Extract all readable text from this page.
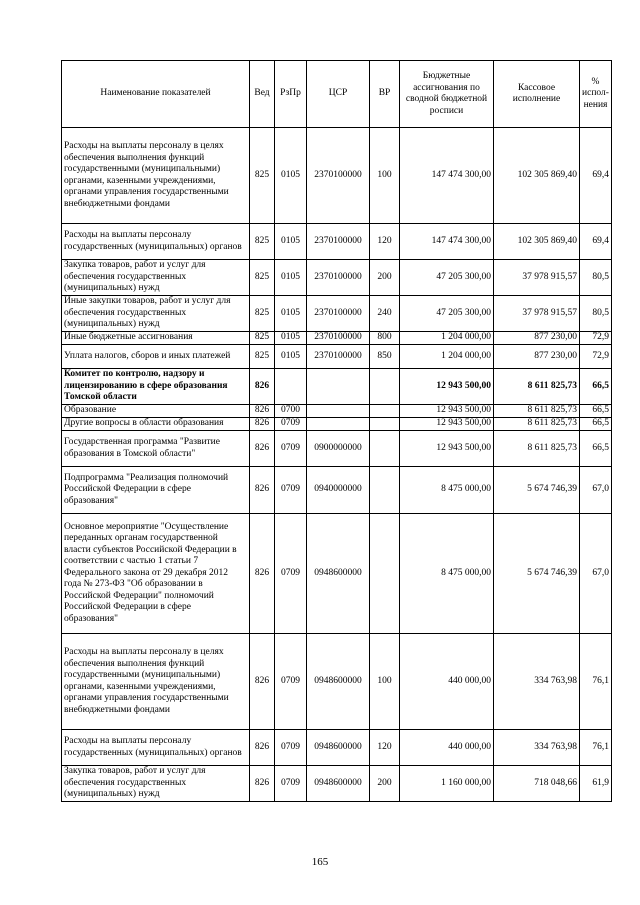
Наименование показателей	Вед	РзПр	ЦСР	ВР	Бюджетные ассигнования по сводной бюджетной росписи	Кассовое исполнение	% испол-нения
Расходы на выплаты персоналу в целях обеспечения выполнения функций государственными (муниципальными) органами, казенными учреждениями, органами управления государственными внебюджетными фондами	825	0105	2370100000	100	147 474 300,00	102 305 869,40	69,4
Расходы на выплаты персоналу государственных (муниципальных) органов	825	0105	2370100000	120	147 474 300,00	102 305 869,40	69,4
Закупка товаров, работ и услуг для обеспечения государственных (муниципальных) нужд	825	0105	2370100000	200	47 205 300,00	37 978 915,57	80,5
Иные закупки товаров, работ и услуг для обеспечения государственных (муниципальных) нужд	825	0105	2370100000	240	47 205 300,00	37 978 915,57	80,5
Иные бюджетные ассигнования	825	0105	2370100000	800	1 204 000,00	877 230,00	72,9
Уплата налогов, сборов и иных платежей	825	0105	2370100000	850	1 204 000,00	877 230,00	72,9
Комитет по контролю, надзору и лицензированию в сфере образования Томской области	826				12 943 500,00	8 611 825,73	66,5
Образование	826	0700			12 943 500,00	8 611 825,73	66,5
Другие вопросы в области образования	826	0709			12 943 500,00	8 611 825,73	66,5
Государственная программа "Развитие образования в Томской области"	826	0709	0900000000		12 943 500,00	8 611 825,73	66,5
Подпрограмма "Реализация полномочий Российской Федерации в сфере образования"	826	0709	0940000000		8 475 000,00	5 674 746,39	67,0
Основное мероприятие "Осуществление переданных органам государственной власти субъектов Российской Федерации в соответствии с частью 1 статьи 7 Федерального закона от 29 декабря 2012 года № 273-ФЗ "Об образовании в Российской Федерации" полномочий Российской Федерации в сфере образования"	826	0709	0948600000		8 475 000,00	5 674 746,39	67,0
Расходы на выплаты персоналу в целях обеспечения выполнения функций государственными (муниципальными) органами, казенными учреждениями, органами управления государственными внебюджетными фондами	826	0709	0948600000	100	440 000,00	334 763,98	76,1
Расходы на выплаты персоналу государственных (муниципальных) органов	826	0709	0948600000	120	440 000,00	334 763,98	76,1
Закупка товаров, работ и услуг для обеспечения государственных (муниципальных) нужд	826	0709	0948600000	200	1 160 000,00	718 048,66	61,9
165
